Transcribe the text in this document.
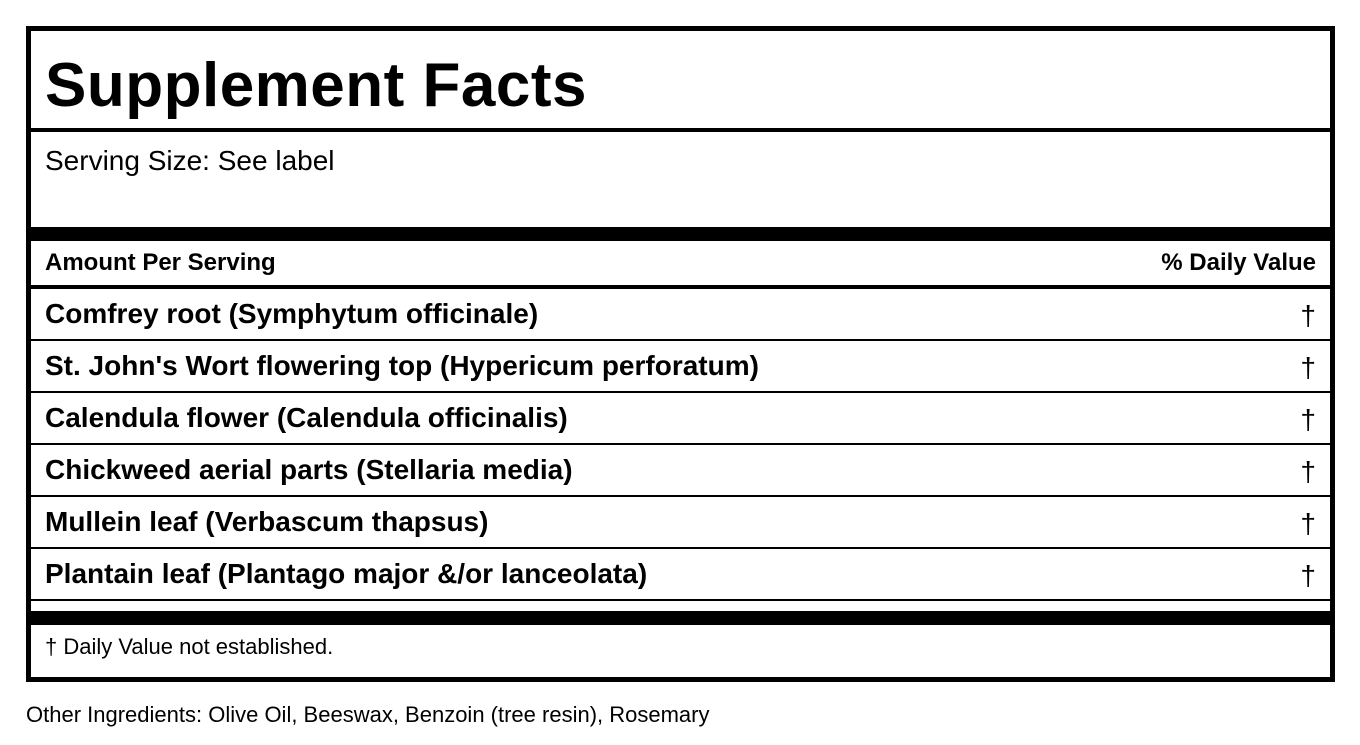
Supplement Facts
Serving Size: See label
Amount Per Serving	% Daily Value
Comfrey root (Symphytum officinale)	†
St. John's Wort flowering top (Hypericum perforatum)	†
Calendula flower (Calendula officinalis)	†
Chickweed aerial parts (Stellaria media)	†
Mullein leaf (Verbascum thapsus)	†
Plantain leaf (Plantago major &/or lanceolata)	†
† Daily Value not established.
Other Ingredients: Olive Oil, Beeswax, Benzoin (tree resin), Rosemary
